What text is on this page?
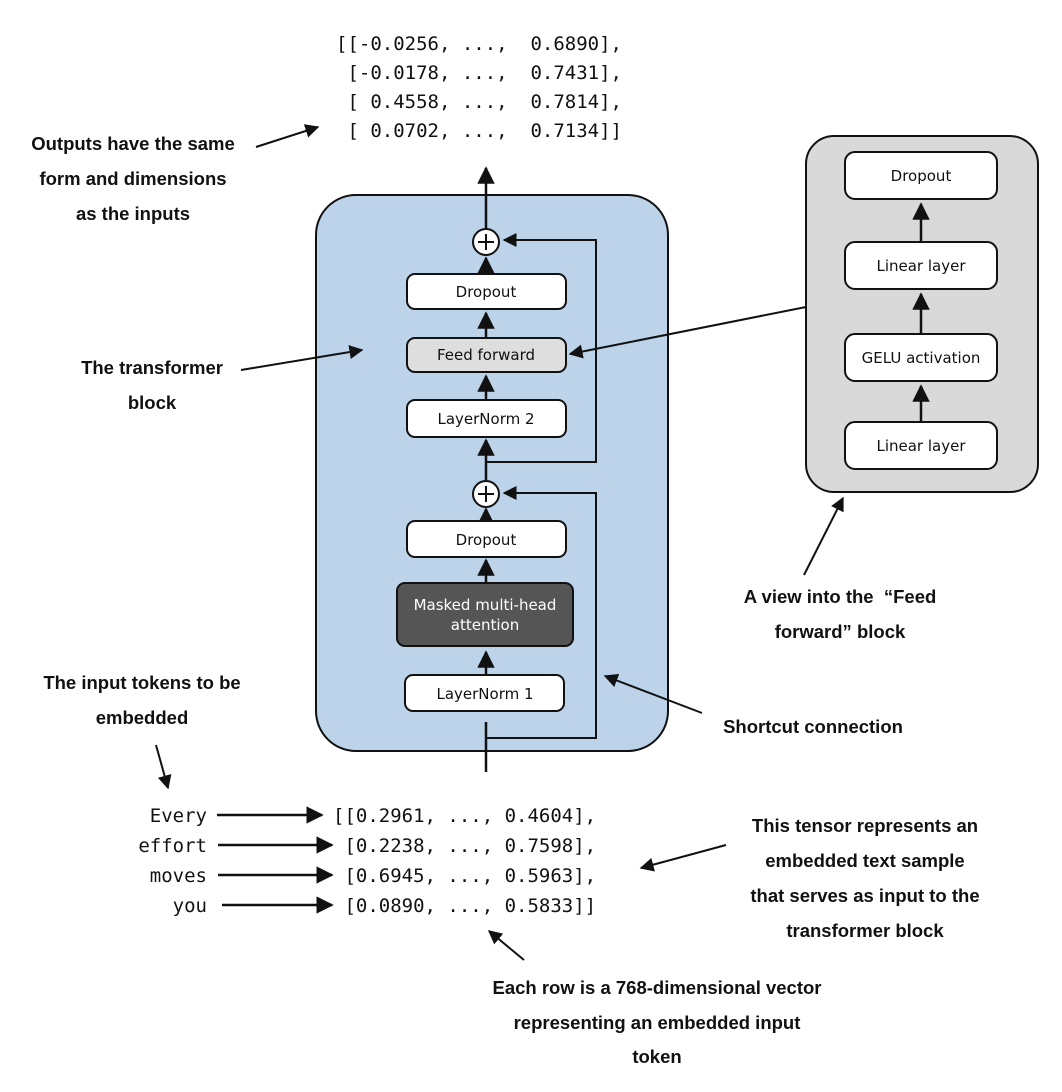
[[-0.0256, ...,  0.6890],
[-0.0178, ...,  0.7431],
[ 0.4558, ...,  0.7814],
[ 0.0702, ...,  0.7134]]
Dropout
Feed forward
LayerNorm 2
Dropout
Masked multi-head
attention
LayerNorm 1
Dropout
Linear layer
GELU activation
Linear layer
Outputs have the same
form and dimensions
as the inputs
The transformer
block
A view into the  “Feed
forward” block
The input tokens to be
embedded	Shortcut connection
Every
effort
moves
you
[[0.2961, ..., 0.4604],
[0.2238, ..., 0.7598],
[0.6945, ..., 0.5963],
[0.0890, ..., 0.5833]]
This tensor represents an
embedded text sample
that serves as input to the
transformer block
Each row is a 768-dimensional vector
representing an embedded input
token
